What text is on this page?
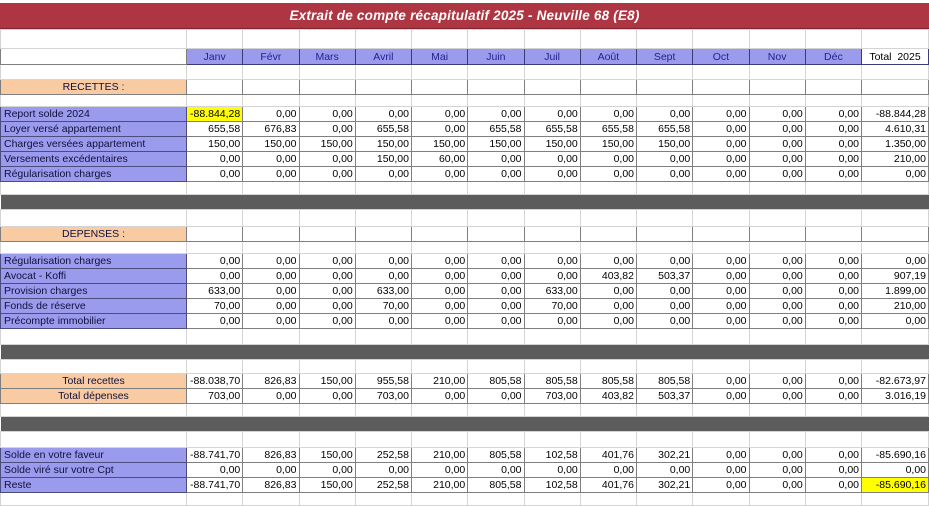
Extrait de compte récapitulatif 2025 - Neuville 68 (E8)

	Janv	Févr	Mars	Avril	Mai	Juin	Juil	Août	Sept	Oct	Nov	Déc	Total  2025

RECETTES :													

Report solde 2024	-88.844,28	0,00	0,00	0,00	0,00	0,00	0,00	0,00	0,00	0,00	0,00	0,00	-88.844,28
Loyer versé appartement	655,58	676,83	0,00	655,58	0,00	655,58	655,58	655,58	655,58	0,00	0,00	0,00	4.610,31
Charges versées appartement	150,00	150,00	150,00	150,00	150,00	150,00	150,00	150,00	150,00	0,00	0,00	0,00	1.350,00
Versements excédentaires	0,00	0,00	0,00	150,00	60,00	0,00	0,00	0,00	0,00	0,00	0,00	0,00	210,00
Régularisation charges	0,00	0,00	0,00	0,00	0,00	0,00	0,00	0,00	0,00	0,00	0,00	0,00	0,00

DEPENSES :													

Régularisation charges	0,00	0,00	0,00	0,00	0,00	0,00	0,00	0,00	0,00	0,00	0,00	0,00	0,00
Avocat - Koffi	0,00	0,00	0,00	0,00	0,00	0,00	0,00	403,82	503,37	0,00	0,00	0,00	907,19
Provision charges	633,00	0,00	0,00	633,00	0,00	0,00	633,00	0,00	0,00	0,00	0,00	0,00	1.899,00
Fonds de réserve	70,00	0,00	0,00	70,00	0,00	0,00	70,00	0,00	0,00	0,00	0,00	0,00	210,00
Précompte immobilier	0,00	0,00	0,00	0,00	0,00	0,00	0,00	0,00	0,00	0,00	0,00	0,00	0,00

Total recettes	-88.038,70	826,83	150,00	955,58	210,00	805,58	805,58	805,58	805,58	0,00	0,00	0,00	-82.673,97
Total dépenses	703,00	0,00	0,00	703,00	0,00	0,00	703,00	403,82	503,37	0,00	0,00	0,00	3.016,19

Solde en votre faveur	-88.741,70	826,83	150,00	252,58	210,00	805,58	102,58	401,76	302,21	0,00	0,00	0,00	-85.690,16
Solde viré sur votre Cpt	0,00	0,00	0,00	0,00	0,00	0,00	0,00	0,00	0,00	0,00	0,00	0,00	0,00
Reste	-88.741,70	826,83	150,00	252,58	210,00	805,58	102,58	401,76	302,21	0,00	0,00	0,00	-85.690,16
